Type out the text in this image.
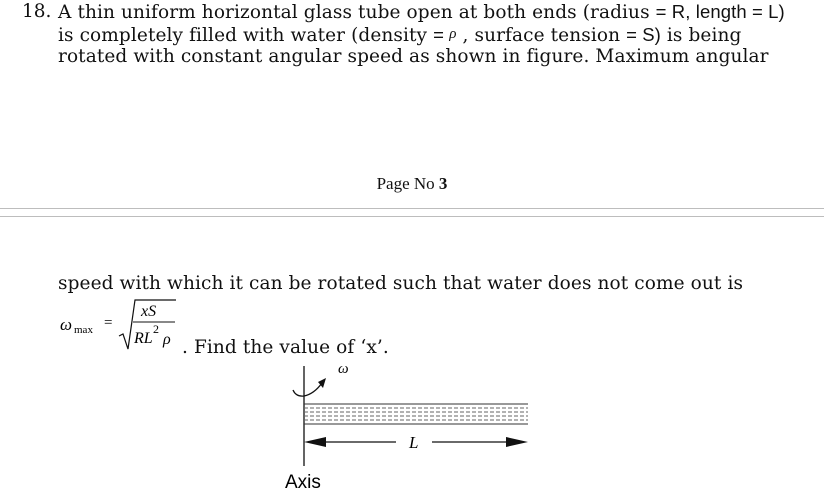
18. A thin uniform horizontal glass tube open at both ends (radius = R, length = L)
is completely filled with water (density = ρ , surface tension = S) is being
rotated with constant angular speed as shown in figure. Maximum angular
Page No 3
speed with which it can be rotated such that water does not come out is
ω max =
xS
RL
2
ρ . Find the value of ‘x’.
ω
L
Axis
